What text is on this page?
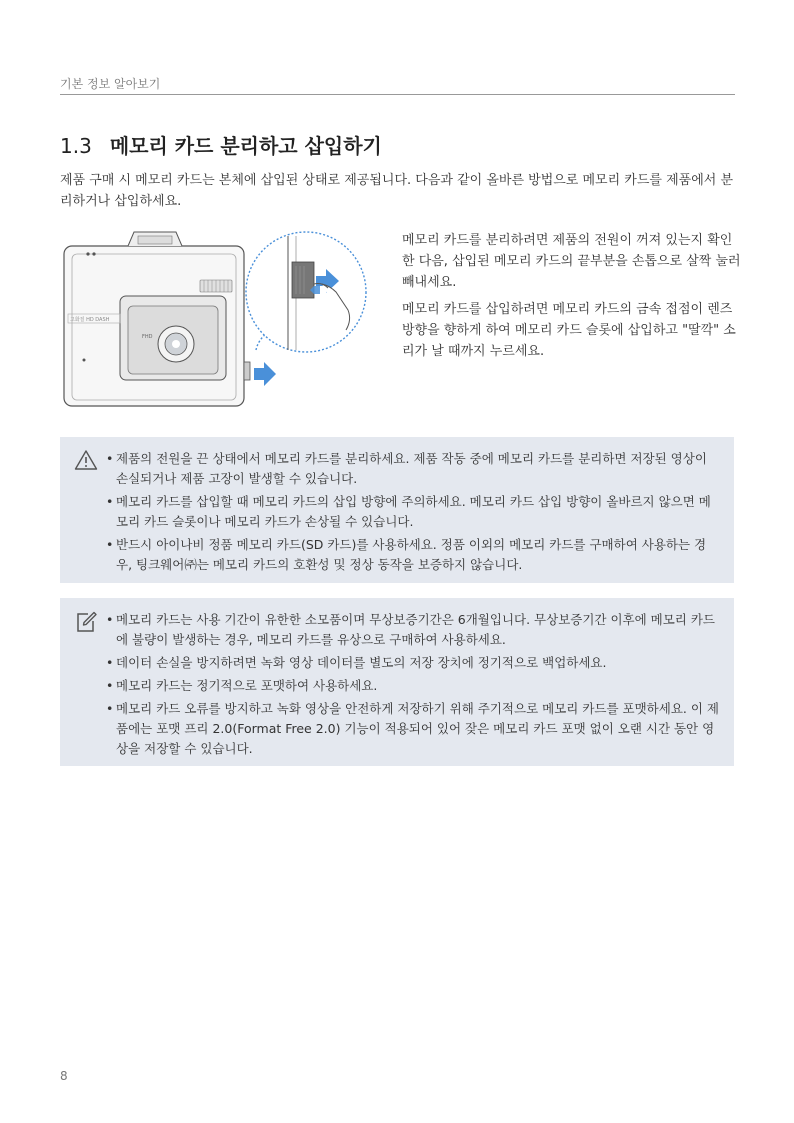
기본 정보 알아보기
1.3 메모리 카드 분리하고 삽입하기

제품 구매 시 메모리 카드는 본체에 삽입된 상태로 제공됩니다. 다음과 같이 올바른 방법으로 메모리 카드를 제품에서 분리하거나 삽입하세요.

FHD
고화질 HD DASH

메모리 카드를 분리하려면 제품의 전원이 꺼져 있는지 확인한 다음, 삽입된 메모리 카드의 끝부분을 손톱으로 살짝 눌러 빼내세요.

메모리 카드를 삽입하려면 메모리 카드의 금속 접점이 렌즈 방향을 향하게 하여 메모리 카드 슬롯에 삽입하고 "딸깍" 소리가 날 때까지 누르세요.

• 제품의 전원을 끈 상태에서 메모리 카드를 분리하세요. 제품 작동 중에 메모리 카드를 분리하면 저장된 영상이 손실되거나 제품 고장이 발생할 수 있습니다.
• 메모리 카드를 삽입할 때 메모리 카드의 삽입 방향에 주의하세요. 메모리 카드 삽입 방향이 올바르지 않으면 메모리 카드 슬롯이나 메모리 카드가 손상될 수 있습니다.
• 반드시 아이나비 정품 메모리 카드(SD 카드)를 사용하세요. 정품 이외의 메모리 카드를 구매하여 사용하는 경우, 팅크웨어㈜는 메모리 카드의 호환성 및 정상 동작을 보증하지 않습니다.
• 메모리 카드는 사용 기간이 유한한 소모품이며 무상보증기간은 6개월입니다. 무상보증기간 이후에 메모리 카드에 불량이 발생하는 경우, 메모리 카드를 유상으로 구매하여 사용하세요.
• 데이터 손실을 방지하려면 녹화 영상 데이터를 별도의 저장 장치에 정기적으로 백업하세요.
• 메모리 카드는 정기적으로 포맷하여 사용하세요.
• 메모리 카드 오류를 방지하고 녹화 영상을 안전하게 저장하기 위해 주기적으로 메모리 카드를 포맷하세요. 이 제품에는 포맷 프리 2.0(Format Free 2.0) 기능이 적용되어 있어 잦은 메모리 카드 포맷 없이 오랜 시간 동안 영상을 저장할 수 있습니다.
8
